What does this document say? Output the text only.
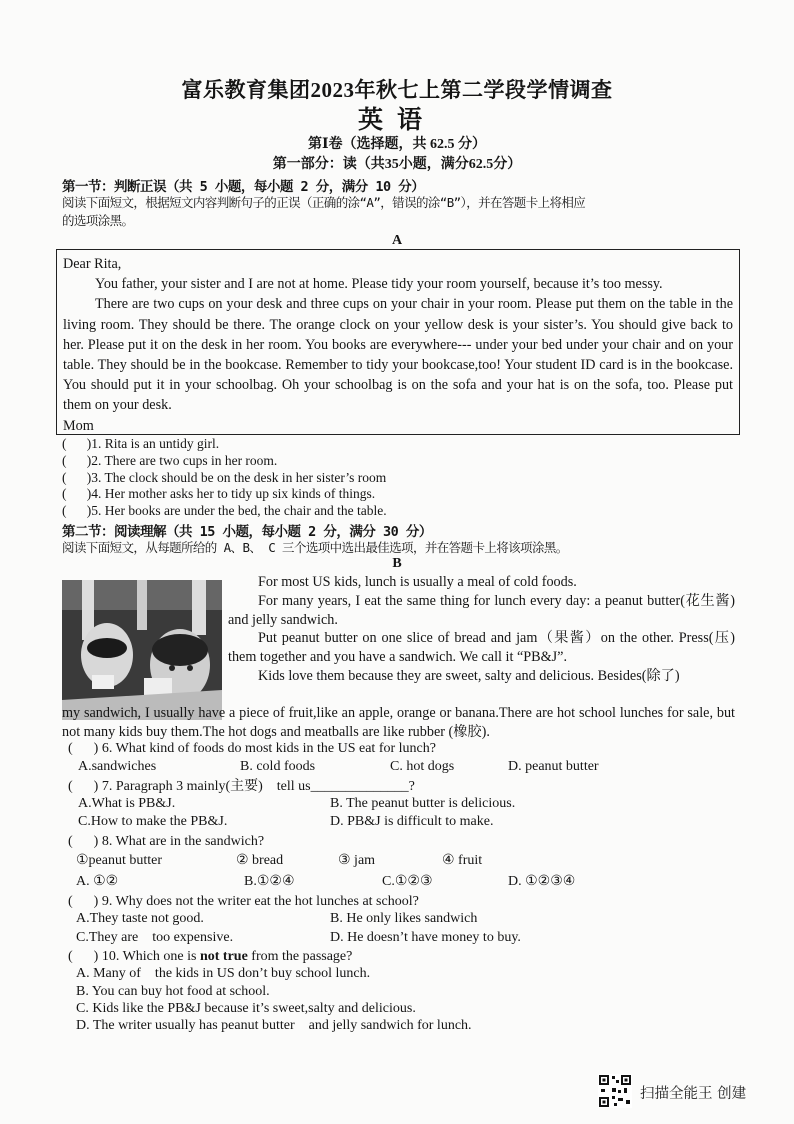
富乐教育集团2023年秋七上第二学段学情调查
英语
第Ⅰ卷（选择题，共 62.5 分）
第一部分：读（共35小题，满分62.5分）
第一节：判断正误（共 5 小题，每小题 2 分，满分 10 分）
阅读下面短文，根据短文内容判断句子的正误（正确的涂“A”，错误的涂“B”），并在答题卡上将相应
的选项涂黑。
A

Dear Rita,

You father, your sister and I are not at home. Please tidy your room yourself, because it’s too messy.

There are two cups on your desk and three cups on your chair in your room. Please put them on the table in the living room. They should be there. The orange clock on your yellow desk is your sister’s. You should give back to her. Please put it on the desk in her room. You books are everywhere--- under your bed under your chair and on your table. They should be in the bookcase. Remember to tidy your bookcase,too! Your student ID card is in the bookcase. You should put it in your schoolbag. Oh your schoolbag is on the sofa and your hat is on the sofa, too. Please put them on your desk.

Mom

(      )1. Rita is an untidy girl.
(      )2. There are two cups in her room.
(      )3. The clock should be on the desk in her sister’s room
(      )4. Her mother asks her to tidy up six kinds of things.
(      )5. Her books are under the bed, the chair and the table.
第二节：阅读理解（共 15 小题，每小题 2 分，满分 30 分）
阅读下面短文，从每题所给的 A、B、 C 三个选项中选出最佳选项，并在答题卡上将该项涂黑。
B

For most US kids, lunch is usually a meal of cold foods.

For many years, I eat the same thing for lunch every day: a peanut butter(花生酱) and jelly sandwich.

Put peanut butter on one slice of bread and jam（果酱）on the other. Press(压) them together and you have a sandwich. We call it “PB&J”.

Kids love them because they are sweet, salty and delicious. Besides(除了)

my sandwich, I usually have a piece of fruit,like an apple, orange or banana.There are hot school lunches for sale, but not many kids buy them.The hot dogs and meatballs are like rubber (橡胶).
(      ) 6. What kind of foods do most kids in the US eat for lunch?
A.sandwiches	B. cold foods	C. hot dogs	D. peanut butter
(      ) 7. Paragraph 3 mainly(主要)    tell us______________?
A.What is PB&J.	B. The peanut butter is delicious.
C.How to make the PB&J.	D. PB&J is difficult to make.
(      ) 8. What are in the sandwich?
①peanut butter	② bread	③ jam	④ fruit
A. ①②	B.①②④	C.①②③	D. ①②③④
(      ) 9. Why does not the writer eat the hot lunches at school?
A.They taste not good.	B. He only likes sandwich
C.They are    too expensive.	D. He doesn’t have money to buy.
(      ) 10. Which one is not true from the passage?
A. Many of    the kids in US don’t buy school lunch.
B. You can buy hot food at school.
C. Kids like the PB&J because it’s sweet,salty and delicious.
D. The writer usually has peanut butter    and jelly sandwich for lunch.
扫描全能王 创建
